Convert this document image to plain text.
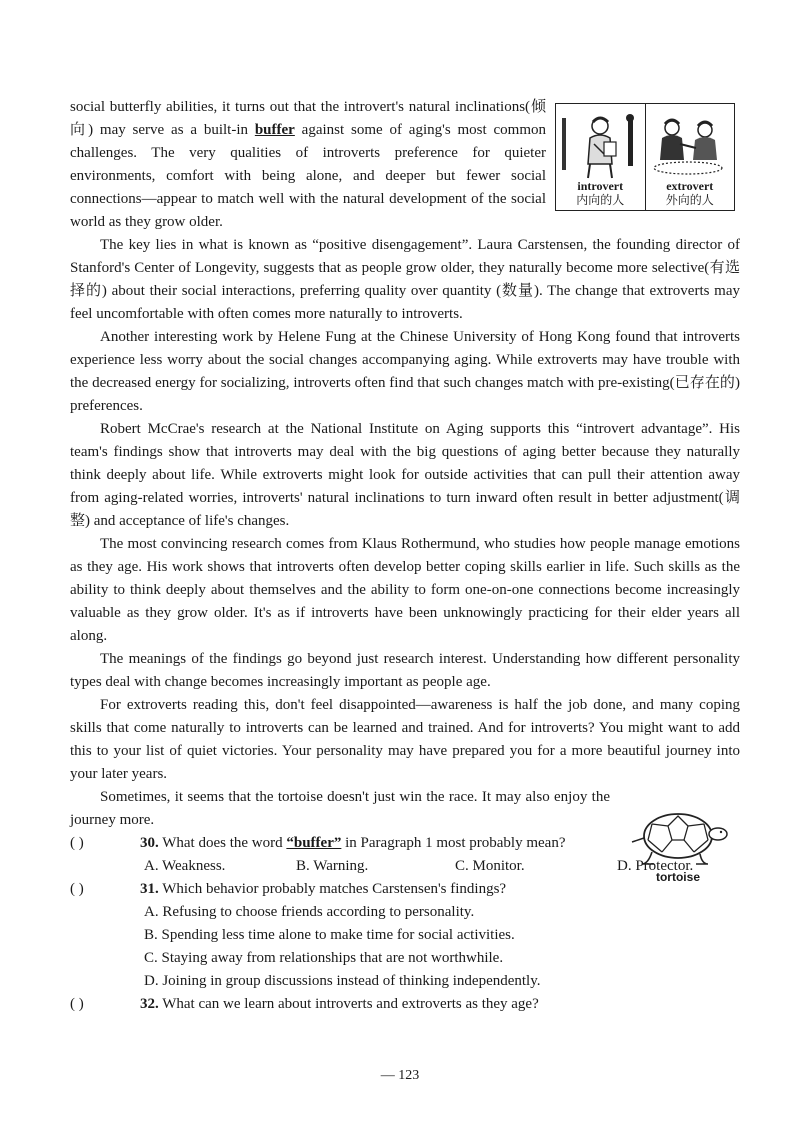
introvert
内向的人
extrovert
外向的人
tortoise

social butterfly abilities, it turns out that the introvert's natural inclinations(倾向) may serve as a built-in buffer against some of aging's most common challenges. The very qualities of introverts preference for quieter environments, comfort with being alone, and deeper but fewer social connections—appear to match well with the natural development of the social world as they grow older.

The key lies in what is known as “positive disengagement”. Laura Carstensen, the founding director of Stanford's Center of Longevity, suggests that as people grow older, they naturally become more selective(有选择的) about their social interactions, preferring quality over quantity (数量). The change that extroverts may feel uncomfortable with often comes more naturally to introverts.

Another interesting work by Helene Fung at the Chinese University of Hong Kong found that introverts experience less worry about the social changes accompanying aging. While extroverts may have trouble with the decreased energy for socializing, introverts often find that such changes match with pre-existing(已存在的) preferences.

Robert McCrae's research at the National Institute on Aging supports this “introvert advantage”. His team's findings show that introverts may deal with the big questions of aging better because they naturally think deeply about life. While extroverts might look for outside activities that can pull their attention away from aging-related worries, introverts' natural inclinations to turn inward often result in better adjustment(调整) and acceptance of life's changes.

The most convincing research comes from Klaus Rothermund, who studies how people manage emotions as they age. His work shows that introverts often develop better coping skills earlier in life. Such skills as the ability to think deeply about themselves and the ability to form one-on-one connections become increasingly valuable as they grow older. It's as if introverts have been unknowingly practicing for their elder years all along.

The meanings of the findings go beyond just research interest. Understanding how different personality types deal with change becomes increasingly important as people age.

For extroverts reading this, don't feel disappointed—awareness is half the job done, and many coping skills that come naturally to introverts can be learned and trained. And for introverts? You might want to add this to your list of quiet victories. Your personality may have prepared you for a more beautiful journey into your later years.

Sometimes, it seems that the tortoise doesn't just win the race. It may also enjoy the journey more.

( )	30. What does the word “buffer” in Paragraph 1 most probably mean?
A. Weakness.	B. Warning.	C. Monitor.	D. Protector.
( )	31. Which behavior probably matches Carstensen's findings?
A. Refusing to choose friends according to personality.
B. Spending less time alone to make time for social activities.
C. Staying away from relationships that are not worthwhile.
D. Joining in group discussions instead of thinking independently.
( )	32. What can we learn about introverts and extroverts as they age?
— 123
